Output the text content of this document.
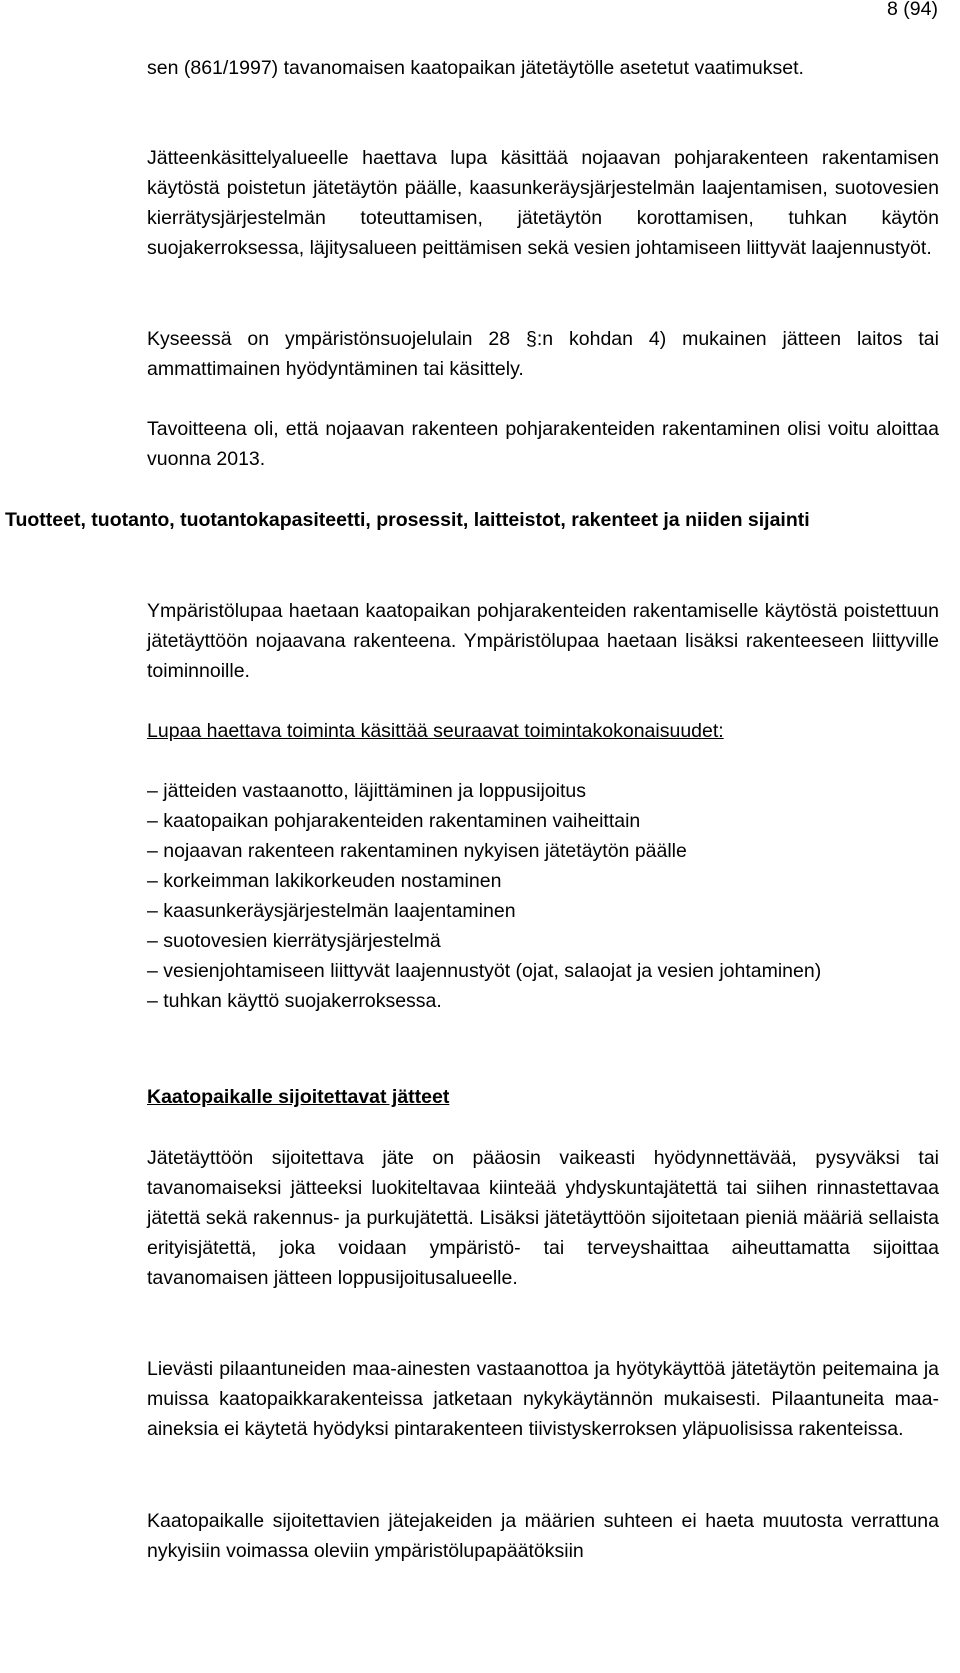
8 (94)

sen (861/1997) tavanomaisen kaatopaikan jätetäytölle asetetut vaatimukset.

Jätteenkäsittelyalueelle haettava lupa käsittää nojaavan pohjarakenteen rakentamisen käytöstä poistetun jätetäytön päälle, kaasunkeräysjärjestelmän laajentamisen, suotovesien kierrätysjärjestelmän toteuttamisen, jätetäytön korottamisen, tuhkan käytön suojakerroksessa, läjitysalueen peittämisen sekä vesien johtamiseen liittyvät laajennustyöt.

Kyseessä on ympäristönsuojelulain 28 §:n kohdan 4) mukainen jätteen laitos tai ammattimainen hyödyntäminen tai käsittely.

Tavoitteena oli, että nojaavan rakenteen pohjarakenteiden rakentaminen olisi voitu aloittaa vuonna 2013.

Tuotteet, tuotanto, tuotantokapasiteetti, prosessit, laitteistot, rakenteet ja niiden sijainti

Ympäristölupaa haetaan kaatopaikan pohjarakenteiden rakentamiselle käytöstä poistettuun jätetäyttöön nojaavana rakenteena. Ympäristölupaa haetaan lisäksi rakenteeseen liittyville toiminnoille.

Lupaa haettava toiminta käsittää seuraavat toimintakokonaisuudet:

– jätteiden vastaanotto, läjittäminen ja loppusijoitus
– kaatopaikan pohjarakenteiden rakentaminen vaiheittain
– nojaavan rakenteen rakentaminen nykyisen jätetäytön päälle
– korkeimman lakikorkeuden nostaminen
– kaasunkeräysjärjestelmän laajentaminen
– suotovesien kierrätysjärjestelmä
– vesienjohtamiseen liittyvät laajennustyöt (ojat, salaojat ja vesien johtaminen)
– tuhkan käyttö suojakerroksessa.

Kaatopaikalle sijoitettavat jätteet

Jätetäyttöön sijoitettava jäte on pääosin vaikeasti hyödynnettävää, pysyväksi tai tavanomaiseksi jätteeksi luokiteltavaa kiinteää yhdyskuntajätettä tai siihen rinnastettavaa jätettä sekä rakennus- ja purkujätettä. Lisäksi jätetäyttöön sijoitetaan pieniä määriä sellaista erityisjätettä, joka voidaan ympäristö- tai terveyshaittaa aiheuttamatta sijoittaa tavanomaisen jätteen loppusijoitusalueelle.

Lievästi pilaantuneiden maa-ainesten vastaanottoa ja hyötykäyttöä jätetäytön peitemaina ja muissa kaatopaikkarakenteissa jatketaan nykykäytännön mukaisesti. Pilaantuneita maa-aineksia ei käytetä hyödyksi pintarakenteen tiivistyskerroksen yläpuolisissa rakenteissa.

Kaatopaikalle sijoitettavien jätejakeiden ja määrien suhteen ei haeta muutosta verrattuna nykyisiin voimassa oleviin ympäristölupapäätöksiin
